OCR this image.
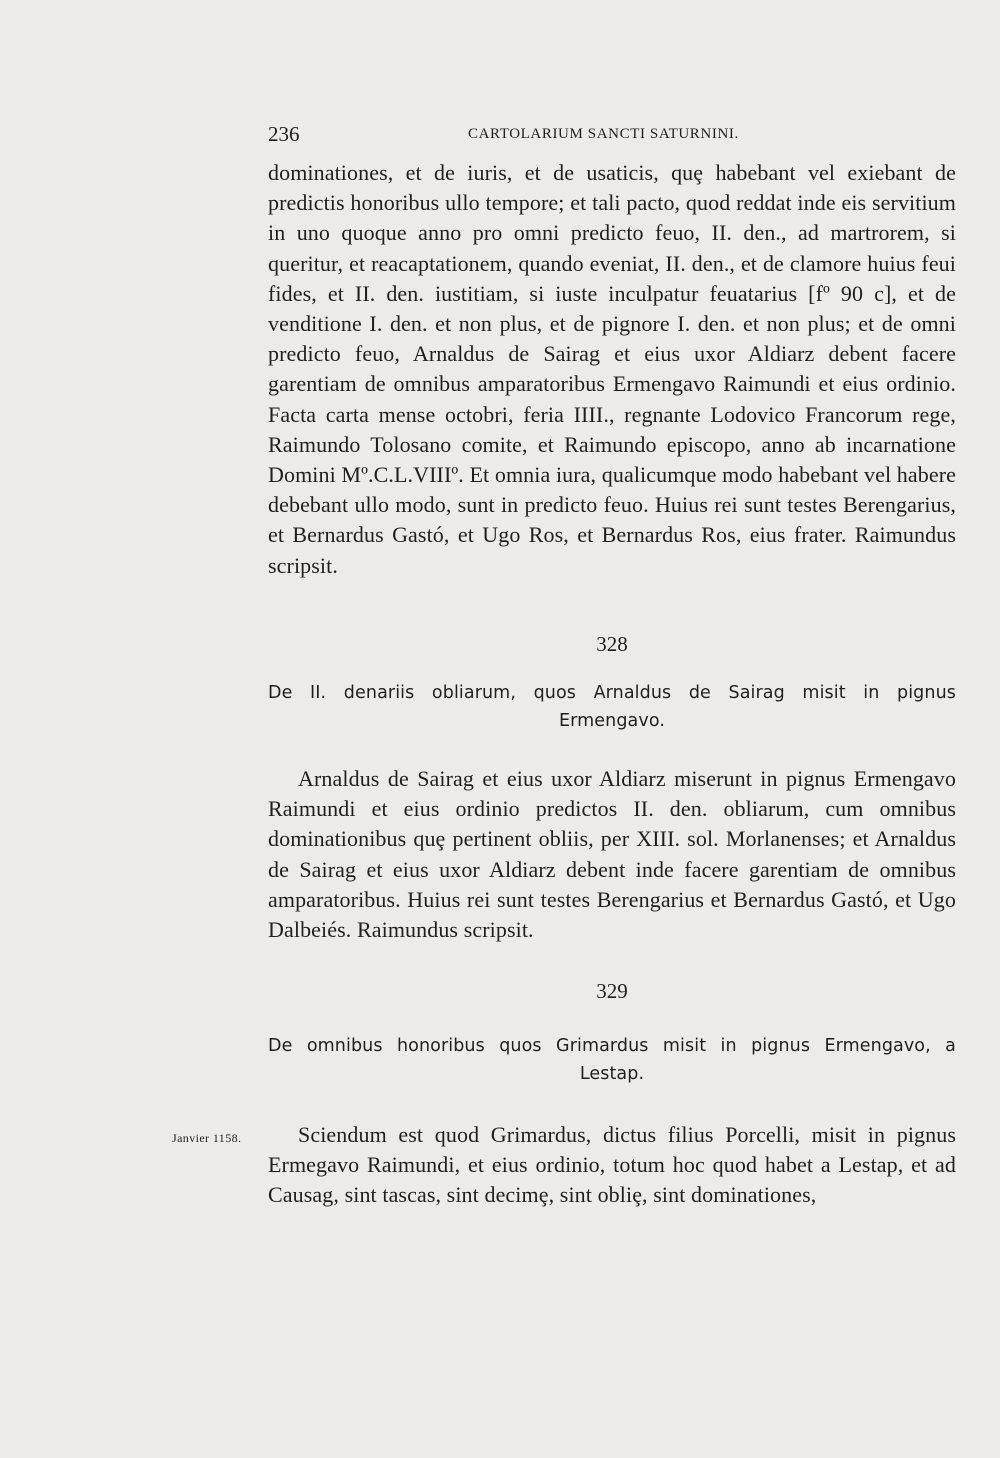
236	CARTOLARIUM SANCTI SATURNINI.

dominationes, et de iuris, et de usaticis, quȩ habebant vel exiebant de predictis honoribus ullo tempore; et tali pacto, quod reddat inde eis servitium in uno quoque anno pro omni predicto feuo, II. den., ad martrorem, si queritur, et reacaptationem, quando eveniat, II. den., et de clamore huius feui fides, et II. den. iustitiam, si iuste inculpatur feuatarius [fº 90 c], et de venditione I. den. et non plus, et de pignore I. den. et non plus; et de omni predicto feuo, Arnaldus de Sairag et eius uxor Aldiarz debent facere garentiam de omnibus amparatoribus Ermengavo Raimundi et eius ordinio. Facta carta mense octobri, feria IIII., regnante Lodovico Francorum rege, Raimundo Tolosano comite, et Raimundo episcopo, anno ab incarnatione Domini Mº.C.L.VIIIº. Et omnia iura, qualicumque modo habebant vel habere debebant ullo modo, sunt in predicto feuo. Huius rei sunt testes Berengarius, et Bernardus Gastó, et Ugo Ros, et Bernardus Ros, eius frater. Raimundus scripsit.

328
De II. denariis obliarum, quos Arnaldus de Sairag misit in pignus
Ermengavo.

Arnaldus de Sairag et eius uxor Aldiarz miserunt in pignus Ermengavo Raimundi et eius ordinio predictos II. den. obliarum, cum omnibus dominationibus quȩ pertinent obliis, per XIII. sol. Morlanenses; et Arnaldus de Sairag et eius uxor Aldiarz debent inde facere garentiam de omnibus amparatoribus. Huius rei sunt testes Berengarius et Bernardus Gastó, et Ugo Dalbeiés. Raimundus scripsit.

329
De omnibus honoribus quos Grimardus misit in pignus Ermengavo, a
Lestap.
Janvier 1158.	Sciendum est quod Grimardus, dictus filius Porcelli, misit in pignus Ermegavo Raimundi, et eius ordinio, totum hoc quod habet a Lestap, et ad Causag, sint tascas, sint decimȩ, sint obliȩ, sint dominationes,
